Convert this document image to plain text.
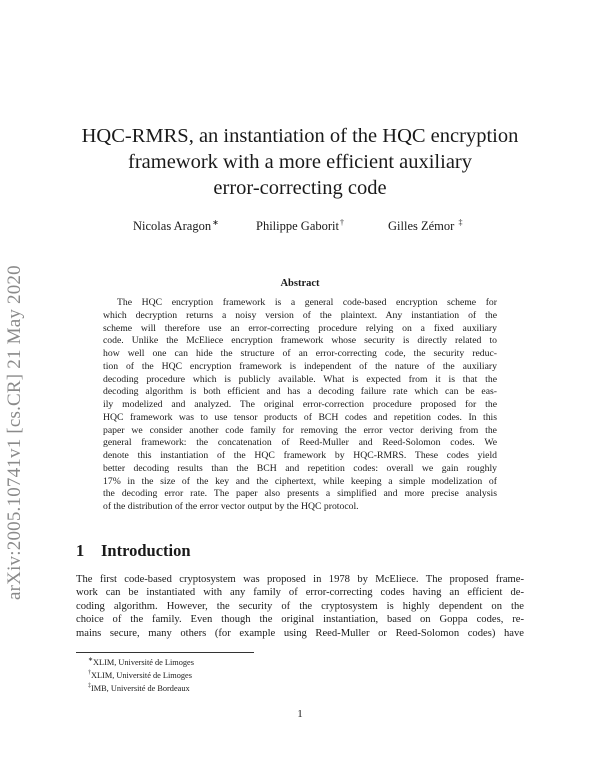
arXiv:2005.10741v1 [cs.CR] 21 May 2020
HQC-RMRS, an instantiation of the HQC encryption
framework with a more efficient auxiliary
error-correcting code
Nicolas Aragon∗	Philippe Gaborit†	Gilles Zémor ‡
Abstract
The HQC encryption framework is a general code-based encryption scheme for
which decryption returns a noisy version of the plaintext. Any instantiation of the
scheme will therefore use an error-correcting procedure relying on a fixed auxiliary
code. Unlike the McEliece encryption framework whose security is directly related to
how well one can hide the structure of an error-correcting code, the security reduc-
tion of the HQC encryption framework is independent of the nature of the auxiliary
decoding procedure which is publicly available. What is expected from it is that the
decoding algorithm is both efficient and has a decoding failure rate which can be eas-
ily modelized and analyzed. The original error-correction procedure proposed for the
HQC framework was to use tensor products of BCH codes and repetition codes. In this
paper we consider another code family for removing the error vector deriving from the
general framework: the concatenation of Reed-Muller and Reed-Solomon codes. We
denote this instantiation of the HQC framework by HQC-RMRS. These codes yield
better decoding results than the BCH and repetition codes: overall we gain roughly
17% in the size of the key and the ciphertext, while keeping a simple modelization of
the decoding error rate. The paper also presents a simplified and more precise analysis
of the distribution of the error vector output by the HQC protocol.
1 Introduction
The first code-based cryptosystem was proposed in 1978 by McEliece. The proposed frame-
work can be instantiated with any family of error-correcting codes having an efficient de-
coding algorithm. However, the security of the cryptosystem is highly dependent on the
choice of the family. Even though the original instantiation, based on Goppa codes, re-
mains secure, many others (for example using Reed-Muller or Reed-Solomon codes) have
∗XLIM, Université de Limoges
†XLIM, Université de Limoges
‡IMB, Université de Bordeaux
1
